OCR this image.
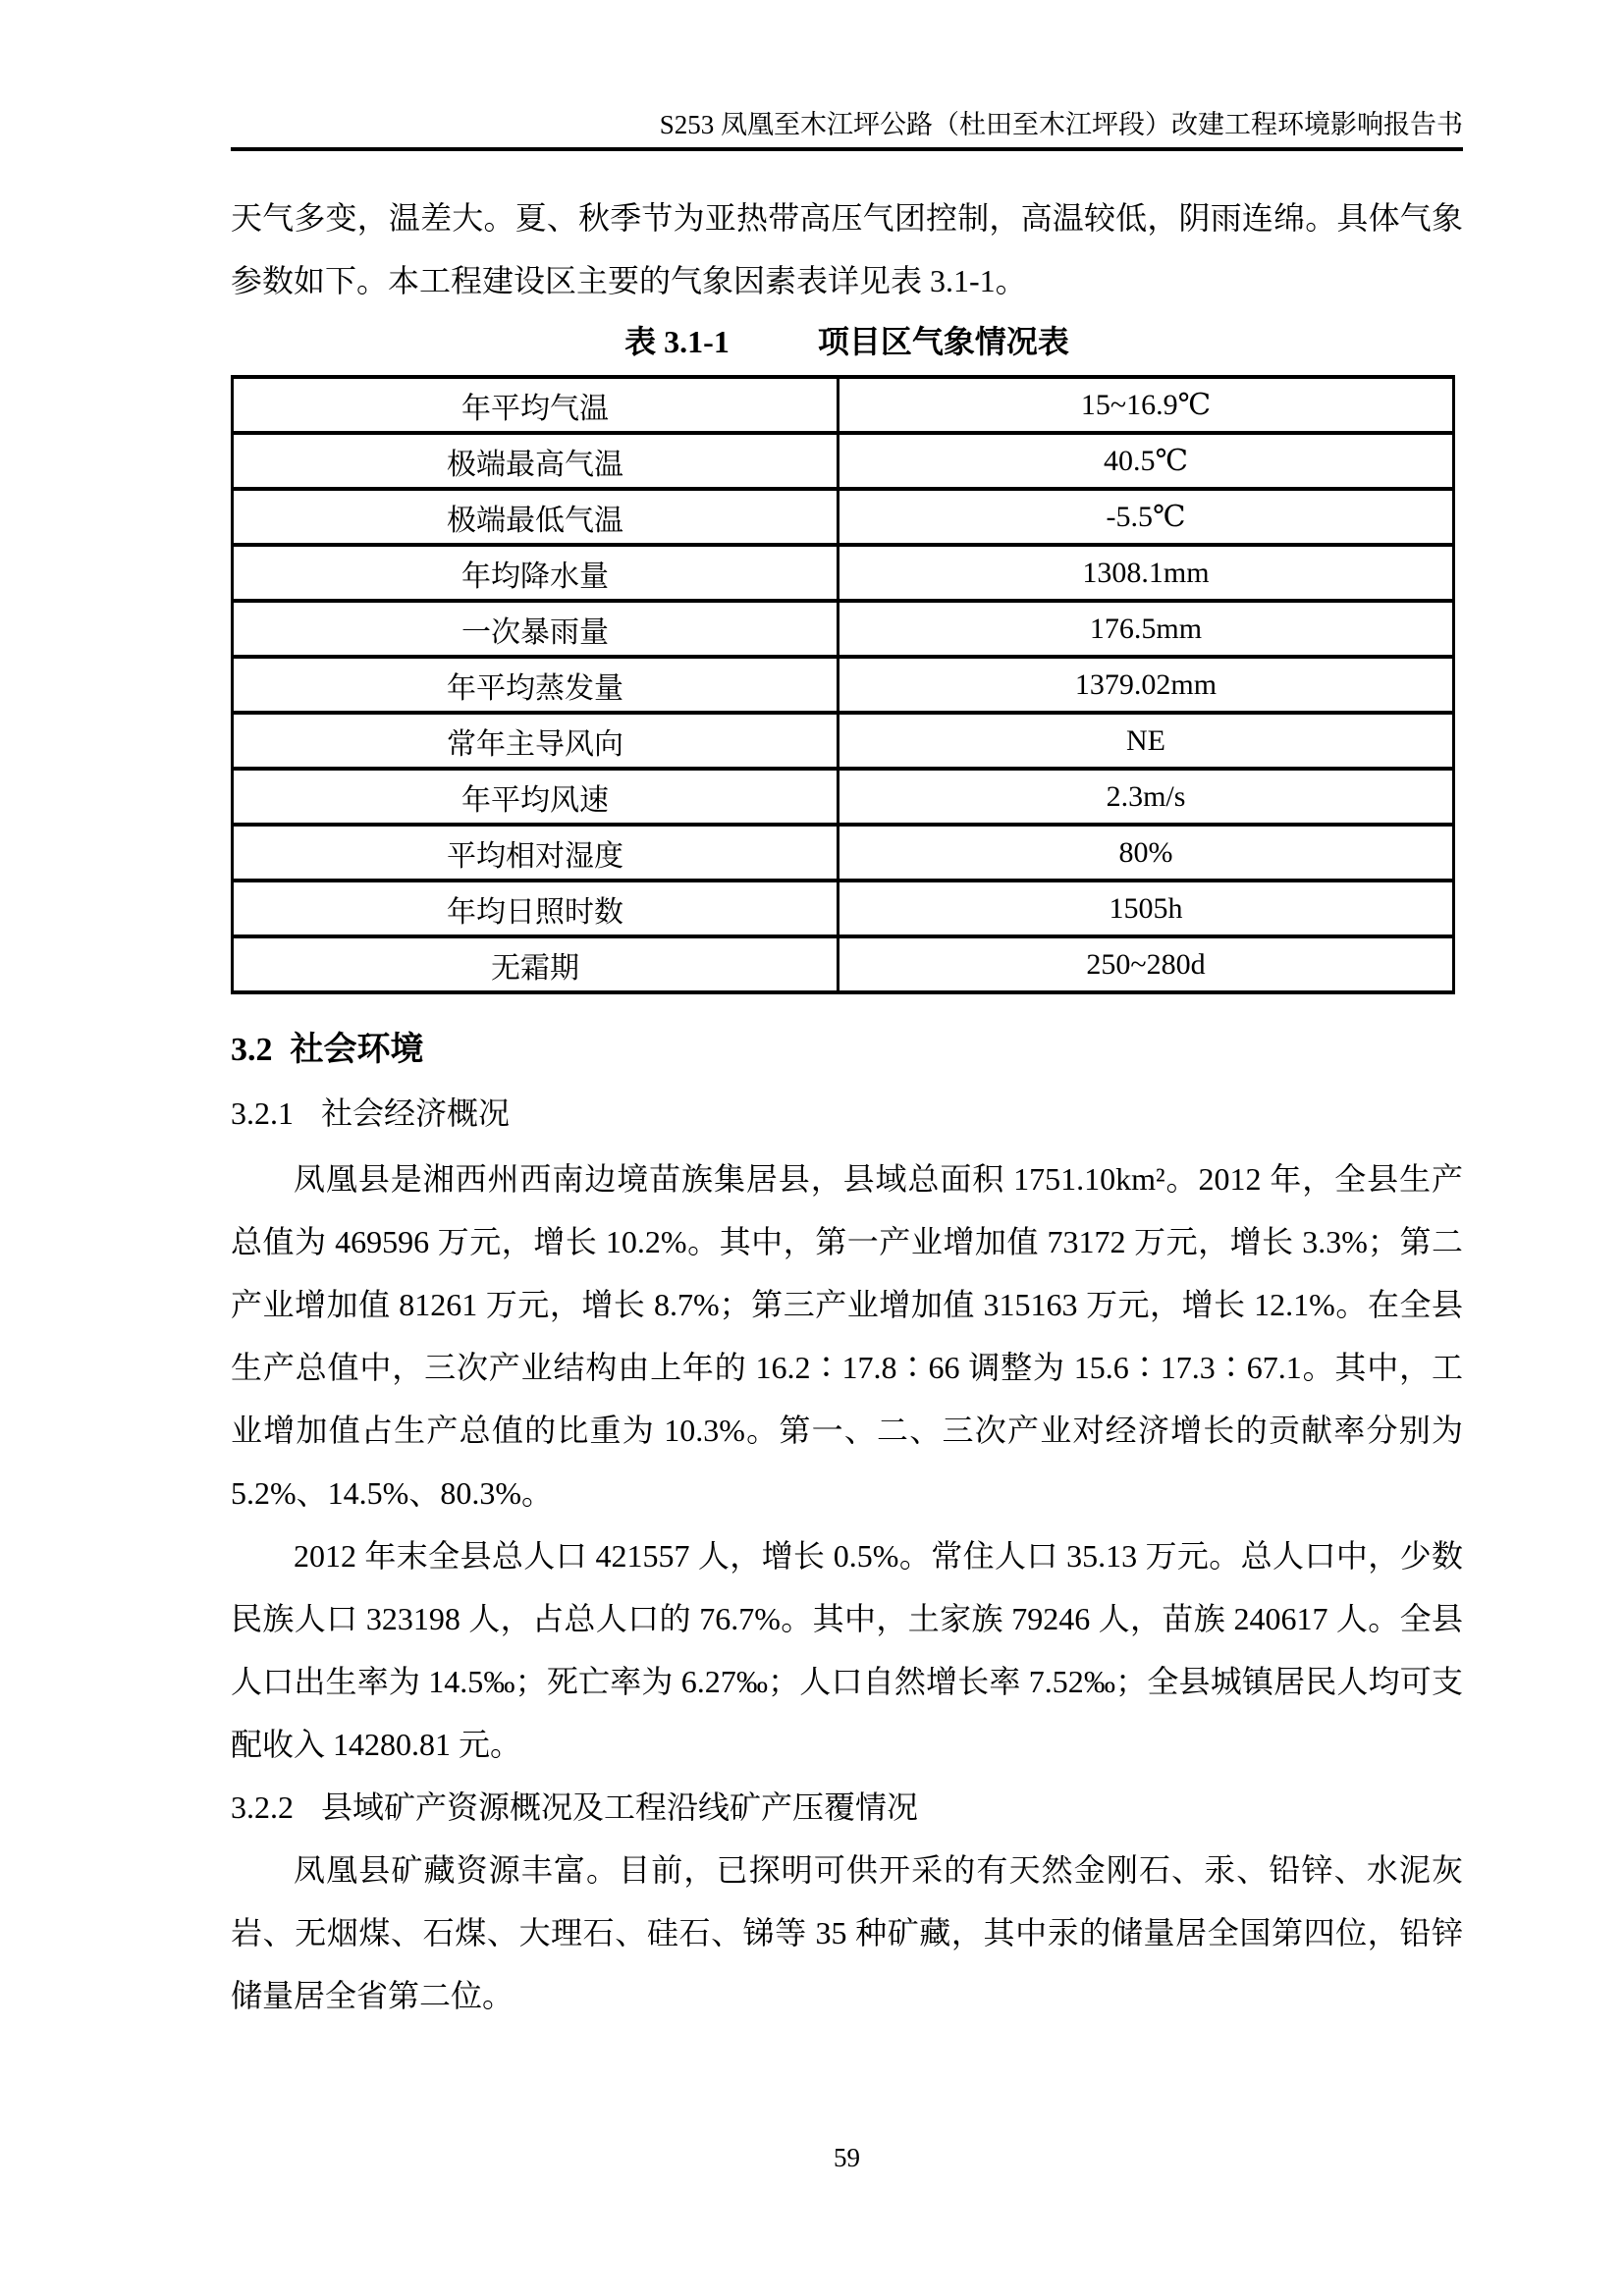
S253 凤凰至木江坪公路（杜田至木江坪段）改建工程环境影响报告书

天气多变，温差大。夏、秋季节为亚热带高压气团控制，高温较低，阴雨连绵。具体气象参数如下。本工程建设区主要的气象因素表详见表 3.1-1。

表 3.1-1	项目区气象情况表
年平均气温	15~16.9℃
极端最高气温	40.5℃
极端最低气温	-5.5℃
年均降水量	1308.1mm
一次暴雨量	176.5mm
年平均蒸发量	1379.02mm
常年主导风向	NE
年平均风速	2.3m/s
平均相对湿度	80%
年均日照时数	1505h
无霜期	250~280d
3.2 社会环境
3.2.1 社会经济概况

凤凰县是湘西州西南边境苗族集居县，县域总面积 1751.10km²。2012 年，全县生产总值为 469596 万元，增长 10.2%。其中，第一产业增加值 73172 万元，增长 3.3%；第二产业增加值 81261 万元，增长 8.7%；第三产业增加值 315163 万元，增长 12.1%。在全县生产总值中，三次产业结构由上年的 16.2∶17.8∶66 调整为 15.6∶17.3∶67.1。其中，工业增加值占生产总值的比重为 10.3%。第一、二、三次产业对经济增长的贡献率分别为 5.2%、14.5%、80.3%。

2012 年末全县总人口 421557 人，增长 0.5%。常住人口 35.13 万元。总人口中，少数民族人口 323198 人，占总人口的 76.7%。其中，土家族 79246 人，苗族 240617 人。全县人口出生率为 14.5‰；死亡率为 6.27‰；人口自然增长率 7.52‰；全县城镇居民人均可支配收入 14280.81 元。

3.2.2 县域矿产资源概况及工程沿线矿产压覆情况

凤凰县矿藏资源丰富。目前，已探明可供开采的有天然金刚石、汞、铅锌、水泥灰岩、无烟煤、石煤、大理石、硅石、锑等 35 种矿藏，其中汞的储量居全国第四位，铅锌储量居全省第二位。

59
